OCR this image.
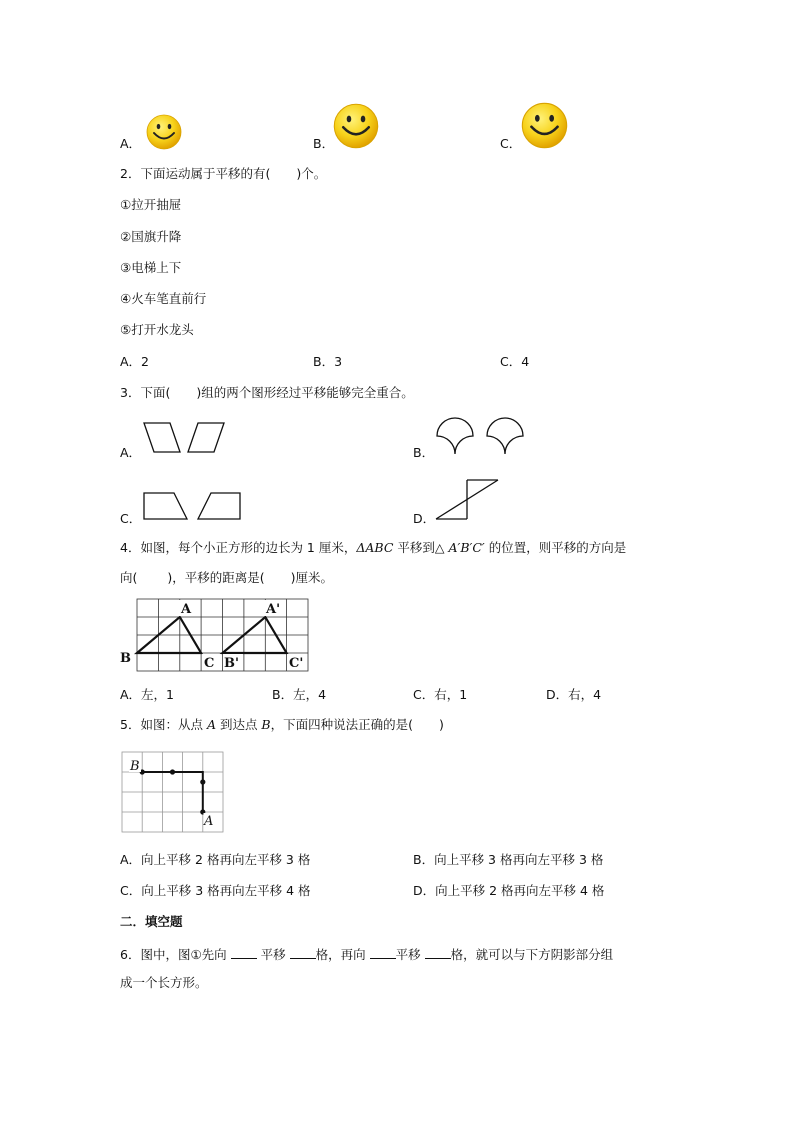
A．	B．	C．
2．下面运动属于平移的有( )个。
①拉开抽屉
②国旗升降
③电梯上下
④火车笔直前行
⑤打开水龙头
A．2	B．3	C．4
3．下面( )组的两个图形经过平移能够完全重合。
A．	B．
C．	D．
4．如图，每个小正方形的边长为 1 厘米，ΔABC 平移到△ A′B′C′ 的位置，则平移的方向是
向( )，平移的距离是( )厘米。
A
B	C
A'
B'	C'
A．左，1	B．左，4	C．右，1	D．右，4
5．如图：从点 A 到达点 B，下面四种说法正确的是( )
B
A
A．向上平移 2 格再向左平移 3 格	B．向上平移 3 格再向左平移 3 格
C．向上平移 3 格再向左平移 4 格	D．向上平移 2 格再向左平移 4 格
二．填空题
6．图中，图①先向	平移 格，再向 平移 格，就可以与下方阴影部分组
成一个长方形。
